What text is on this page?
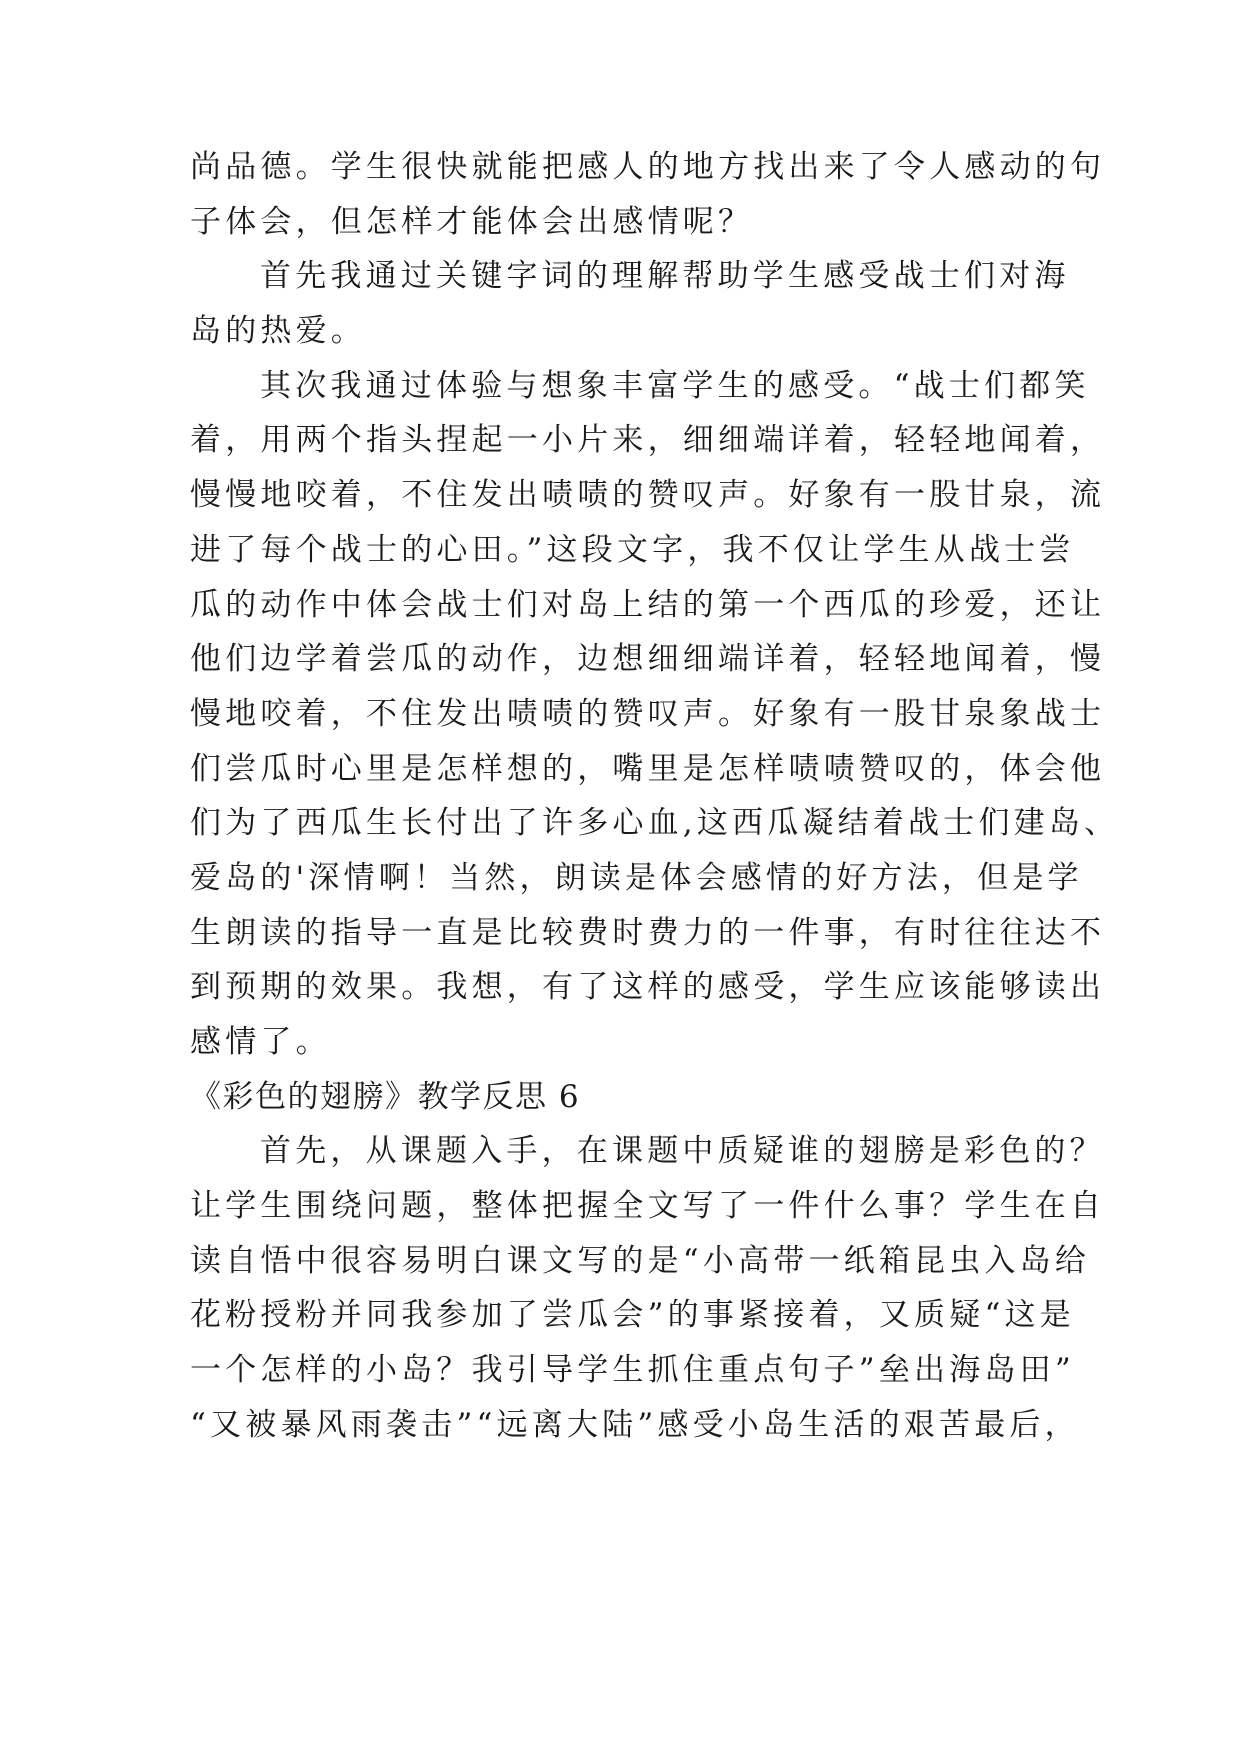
尚品德。学生很快就能把感人的地方找出来了令人感动的句
子体会，但怎样才能体会出感情呢？
首先我通过关键字词的理解帮助学生感受战士们对海
岛的热爱。
其次我通过体验与想象丰富学生的感受。“战士们都笑
着，用两个指头捏起一小片来，细细端详着，轻轻地闻着，
慢慢地咬着，不住发出啧啧的赞叹声。好象有一股甘泉，流
进了每个战士的心田。”这段文字，我不仅让学生从战士尝
瓜的动作中体会战士们对岛上结的第一个西瓜的珍爱，还让
他们边学着尝瓜的动作，边想细细端详着，轻轻地闻着，慢
慢地咬着，不住发出啧啧的赞叹声。好象有一股甘泉象战士
们尝瓜时心里是怎样想的，嘴里是怎样啧啧赞叹的，体会他
们为了西瓜生长付出了许多心血,这西瓜凝结着战士们建岛、
爱岛的'深情啊！当然，朗读是体会感情的好方法，但是学
生朗读的指导一直是比较费时费力的一件事，有时往往达不
到预期的效果。我想，有了这样的感受，学生应该能够读出
感情了。
《彩色的翅膀》教学反思 6
首先，从课题入手，在课题中质疑谁的翅膀是彩色的？
让学生围绕问题，整体把握全文写了一件什么事？学生在自
读自悟中很容易明白课文写的是“小高带一纸箱昆虫入岛给
花粉授粉并同我参加了尝瓜会”的事紧接着，又质疑“这是
一个怎样的小岛？我引导学生抓住重点句子”垒出海岛田”
“又被暴风雨袭击”“远离大陆”感受小岛生活的艰苦最后，
